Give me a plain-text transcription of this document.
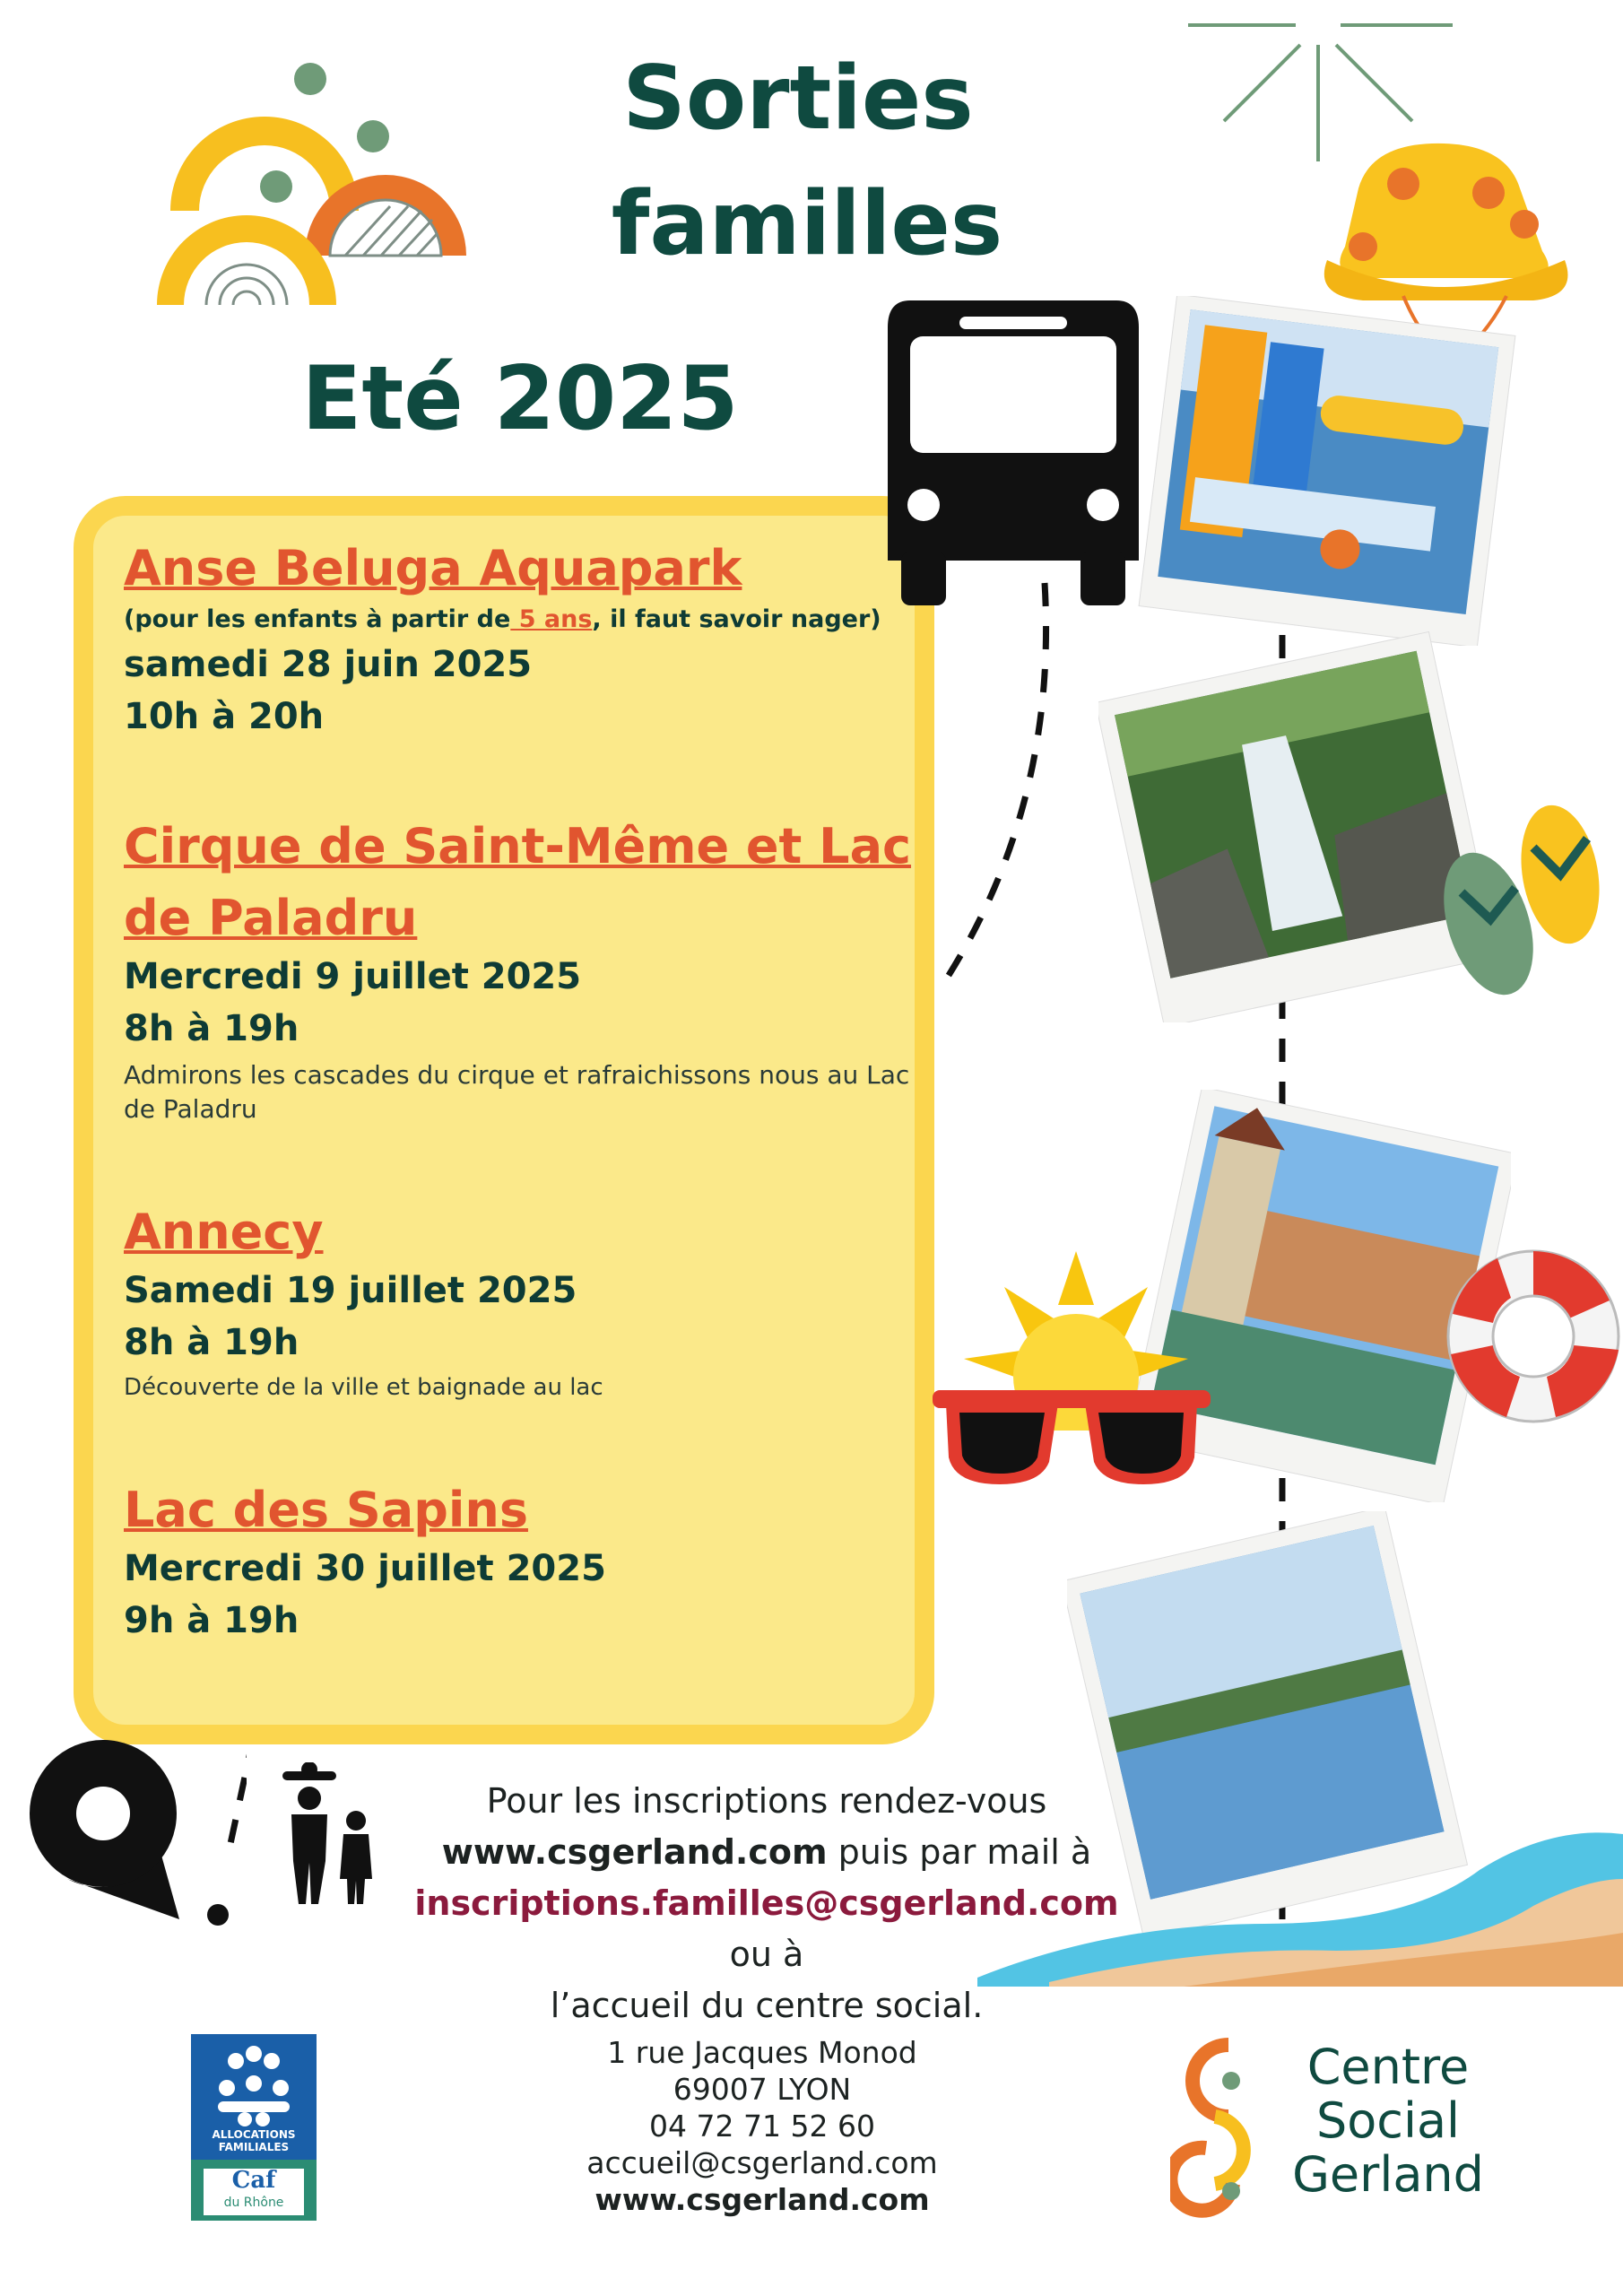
Sorties
familles
Eté 2025
Anse Beluga Aquapark
(pour les enfants à partir de 5 ans, il faut savoir nager)
samedi 28 juin 2025
10h à 20h
Cirque de Saint-Même et Lac
de Paladru
Mercredi 9 juillet 2025
8h à 19h
Admirons les cascades du cirque et rafraichissons nous au Lac
de Paladru
Annecy
Samedi 19 juillet 2025
8h à 19h
Découverte de la ville et baignade au lac
Lac des Sapins
Mercredi 30 juillet 2025
9h à 19h
Pour les inscriptions rendez-vous
www.csgerland.com puis par mail à
inscriptions.familles@csgerland.com ou à
l’accueil du centre social.
ALLOCATIONS
FAMILIALES
Caf
du Rhône
1 rue Jacques Monod
69007 LYON
04 72 71 52 60
accueil@csgerland.com
www.csgerland.com
Centre
Social
Gerland
